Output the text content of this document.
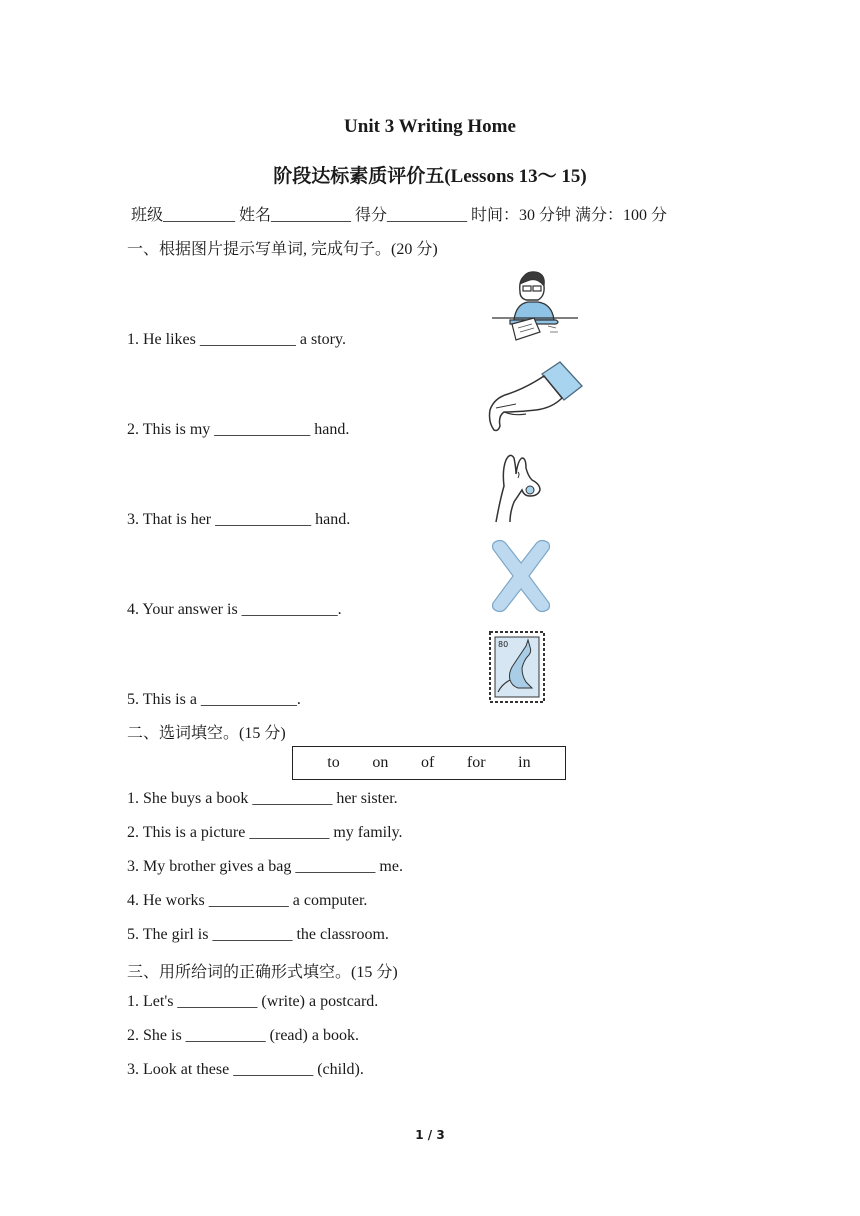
Unit 3 Writing Home
阶段达标素质评价五(Lessons 13～ 15)
班级_________ 姓名__________ 得分__________ 时间：30 分钟 满分：100 分
一、根据图片提示写单词, 完成句子。(20 分)
1. He likes ____________ a story.
2. This is my ____________ hand.
3. That is her ____________ hand.
4. Your answer is ____________.
5. This is a ____________.
80
二、选词填空。(15 分)
to on of for in
1. She buys a book __________ her sister.
2. This is a picture __________ my family.
3. My brother gives a bag __________ me.
4. He works __________ a computer.
5. The girl is __________ the classroom.
三、用所给词的正确形式填空。(15 分)
1. Let's __________ (write) a postcard.
2. She is __________ (read) a book.
3. Look at these __________ (child).
1 / 3
